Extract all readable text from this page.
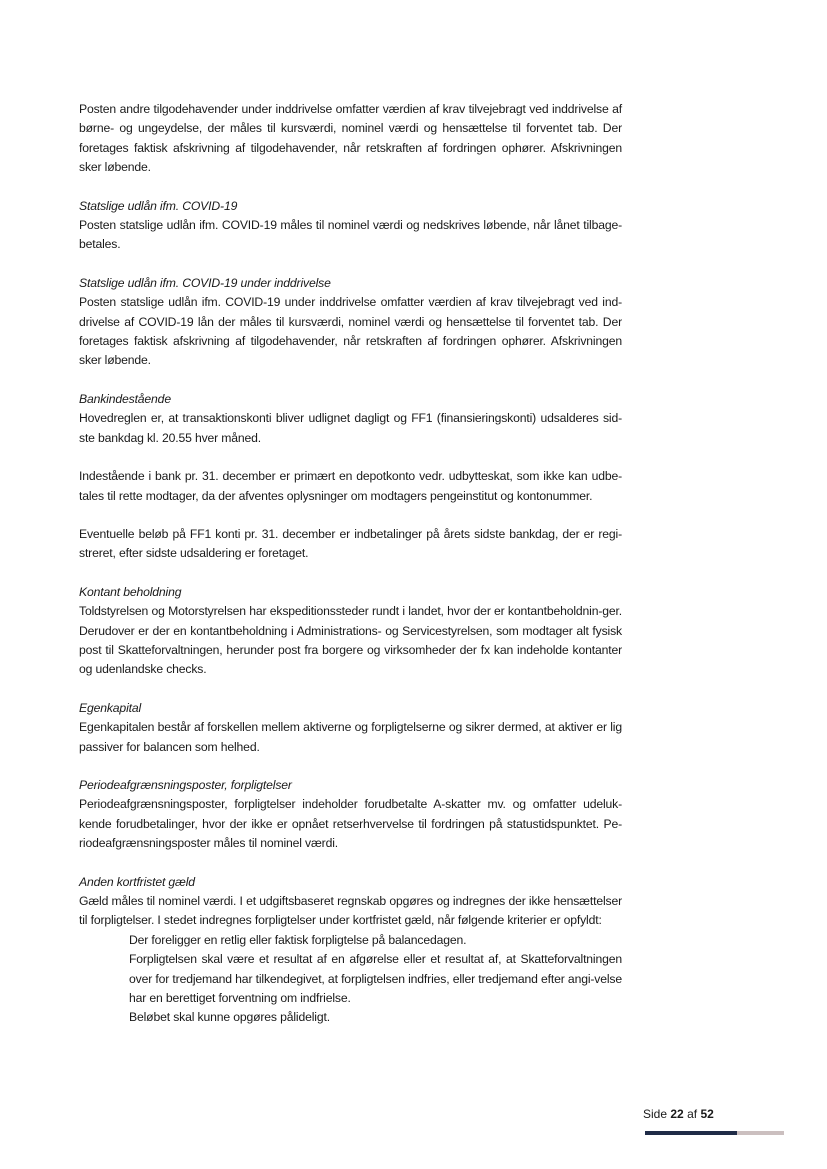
Posten andre tilgodehavender under inddrivelse omfatter værdien af krav tilvejebragt ved inddrivelse af børne- og ungeydelse, der måles til kursværdi, nominel værdi og hensættelse til forventet tab. Der foretages faktisk afskrivning af tilgodehavender, når retskraften af fordringen ophører. Afskrivningen sker løbende.

Statslige udlån ifm. COVID-19

Posten statslige udlån ifm. COVID-19 måles til nominel værdi og nedskrives løbende, når lånet tilbage-betales.

Statslige udlån ifm. COVID-19 under inddrivelse

Posten statslige udlån ifm. COVID-19 under inddrivelse omfatter værdien af krav tilvejebragt ved ind-drivelse af COVID-19 lån der måles til kursværdi, nominel værdi og hensættelse til forventet tab. Der foretages faktisk afskrivning af tilgodehavender, når retskraften af fordringen ophører. Afskrivningen sker løbende.

Bankindestående

Hovedreglen er, at transaktionskonti bliver udlignet dagligt og FF1 (finansieringskonti) udsalderes sid-ste bankdag kl. 20.55 hver måned.

Indestående i bank pr. 31. december er primært en depotkonto vedr. udbytteskat, som ikke kan udbe-tales til rette modtager, da der afventes oplysninger om modtagers pengeinstitut og kontonummer.

Eventuelle beløb på FF1 konti pr. 31. december er indbetalinger på årets sidste bankdag, der er regi-streret, efter sidste udsaldering er foretaget.

Kontant beholdning

Toldstyrelsen og Motorstyrelsen har ekspeditionssteder rundt i landet, hvor der er kontantbeholdnin-ger. Derudover er der en kontantbeholdning i Administrations- og Servicestyrelsen, som modtager alt fysisk post til Skatteforvaltningen, herunder post fra borgere og virksomheder der fx kan indeholde kontanter og udenlandske checks.

Egenkapital

Egenkapitalen består af forskellen mellem aktiverne og forpligtelserne og sikrer dermed, at aktiver er lig passiver for balancen som helhed.

Periodeafgrænsningsposter, forpligtelser

Periodeafgrænsningsposter, forpligtelser indeholder forudbetalte A-skatter mv. og omfatter udeluk-kende forudbetalinger, hvor der ikke er opnået retserhvervelse til fordringen på statustidspunktet. Pe-riodeafgrænsningsposter måles til nominel værdi.

Anden kortfristet gæld

Gæld måles til nominel værdi. I et udgiftsbaseret regnskab opgøres og indregnes der ikke hensættelser til forpligtelser. I stedet indregnes forpligtelser under kortfristet gæld, når følgende kriterier er opfyldt:

Der foreligger en retlig eller faktisk forpligtelse på balancedagen.

Forpligtelsen skal være et resultat af en afgørelse eller et resultat af, at Skatteforvaltningen over for tredjemand har tilkendegivet, at forpligtelsen indfries, eller tredjemand efter angi-velse har en berettiget forventning om indfrielse.

Beløbet skal kunne opgøres pålideligt.

Side 22 af 52
